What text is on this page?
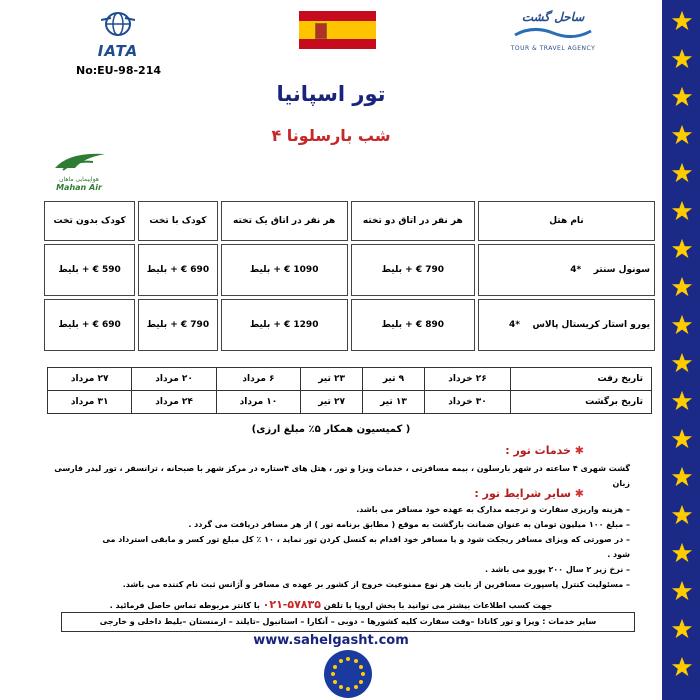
IATA
ساحل گشت
TOUR & TRAVEL AGENCY
No:EU-98-214
تور اسپانیا
۴ شب بارسلونا
هواپیمایی ماهان
Mahan Air
نام هتل	هر نفر در اتاق دو تخته	هر نفر در اتاق یک تخته	کودک با تخت	کودک بدون تخت
سونول سنتر    *4	790 € + بلیط	1090 € + بلیط	690 € + بلیط	590 € + بلیط
یورو استار کریستال پالاس    *4	890 € + بلیط	1290 € + بلیط	790 € + بلیط	690 € + بلیط
تاریخ رفت	۲۶ خرداد	۹ تیر	۲۳ تیر	۶ مرداد	۲۰ مرداد	۲۷ مرداد
تاریخ برگشت	۳۰ خرداد	۱۳ تیر	۲۷ تیر	۱۰ مرداد	۲۴ مرداد	۳۱ مرداد
(کمیسیون همکار ۵٪ مبلغ ارزی )
✱ خدمات تور :
گشت شهری ۴ ساعته در شهر بارسلون ، بیمه مسافرتی ، خدمات ویزا و تور ، هتل های ۴ستاره در مرکز شهر با صبحانه ، ترانسفر ، تور لیدر فارسی زبان
✱ سایر شرایط تور :
– هزینه واریزی سفارت و ترجمه مدارک به عهده خود مسافر می باشد.
– مبلغ ۱۰۰ میلیون تومان به عنوان ضمانت بازگشت به موقع ( مطابق برنامه تور ) از هر مسافر دریافت می گردد .
– در صورتی که ویزای مسافر ریجکت شود و یا مسافر خود اقدام به کنسل کردن تور نماید ، ۱۰ ٪ کل مبلغ تور کسر و مابقی استرداد می شود .
– نرخ زیر ۲ سال ۲۰۰ یورو می باشد .
– مسئولیت کنترل پاسپورت مسافرین از بابت هر نوع ممنوعیت خروج از کشور بر عهده ی مسافر و آژانس ثبت نام کننده می باشد.
جهت کسب اطلاعات بیشتر می توانید با بخش اروپا با تلفن ۵۷۸۳۵-۰۲۱ با کانتر مربوطه تماس حاصل فرمائید .
سایر خدمات : ویزا و تور کانادا –وقت سفارت کلیه کشورها – دوبی – آنکارا – استانبول –تایلند – ارمنستان –بلیط داخلی و خارجی
www.sahelgasht.com
